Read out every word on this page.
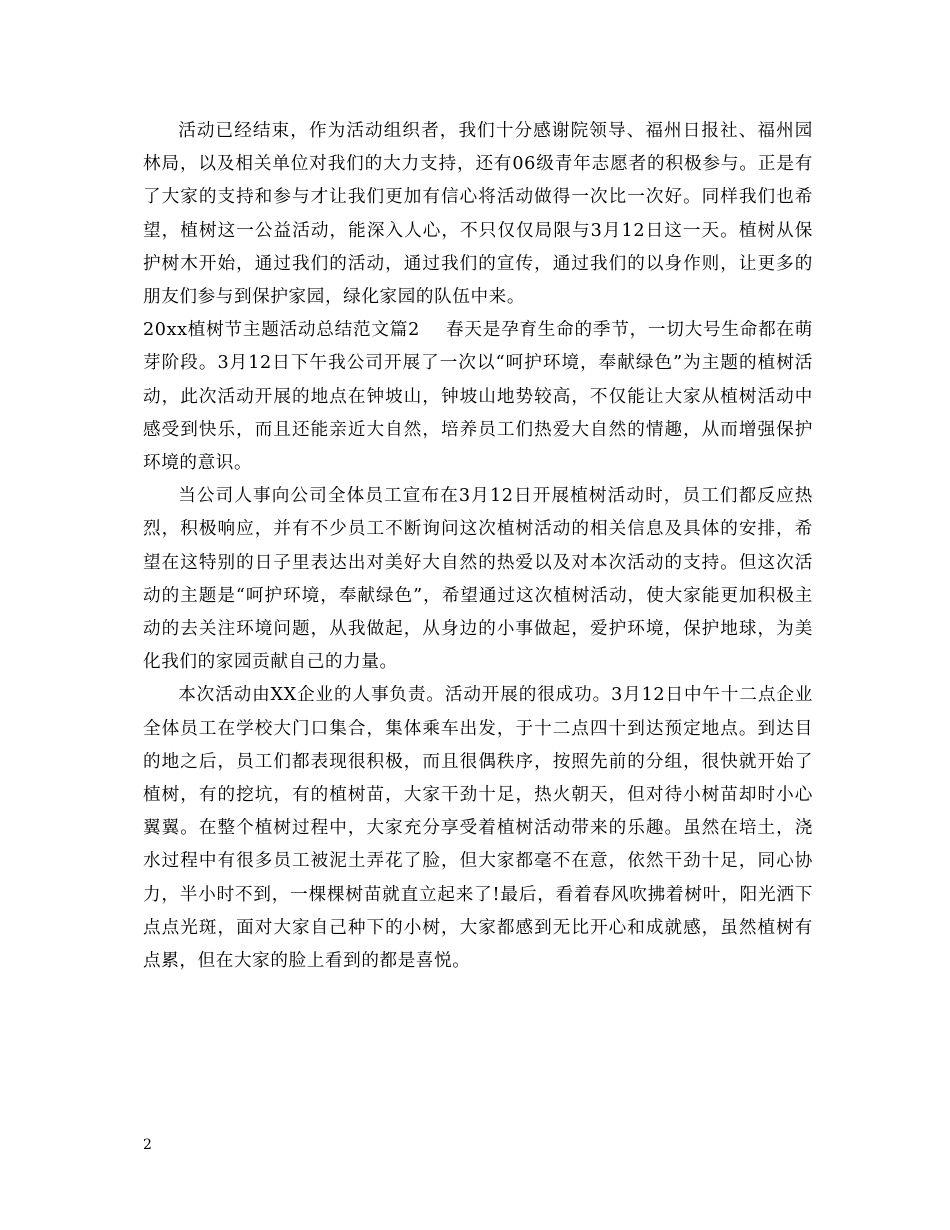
活动已经结束，作为活动组织者，我们十分感谢院领导、福州日报社、福州园林局，以及相关单位对我们的大力支持，还有06级青年志愿者的积极参与。正是有了大家的支持和参与才让我们更加有信心将活动做得一次比一次好。同样我们也希望，植树这一公益活动，能深入人心，不只仅仅局限与3月12日这一天。植树从保护树木开始，通过我们的活动，通过我们的宣传，通过我们的以身作则，让更多的朋友们参与到保护家园，绿化家园的队伍中来。

20xx植树节主题活动总结范文篇2 春天是孕育生命的季节，一切大号生命都在萌芽阶段。3月12日下午我公司开展了一次以“呵护环境，奉献绿色”为主题的植树活动，此次活动开展的地点在钟坡山，钟坡山地势较高，不仅能让大家从植树活动中感受到快乐，而且还能亲近大自然，培养员工们热爱大自然的情趣，从而增强保护环境的意识。

当公司人事向公司全体员工宣布在3月12日开展植树活动时，员工们都反应热烈，积极响应，并有不少员工不断询问这次植树活动的相关信息及具体的安排，希望在这特别的日子里表达出对美好大自然的热爱以及对本次活动的支持。但这次活动的主题是“呵护环境，奉献绿色”，希望通过这次植树活动，使大家能更加积极主动的去关注环境问题，从我做起，从身边的小事做起，爱护环境，保护地球，为美化我们的家园贡献自己的力量。

本次活动由XX企业的人事负责。活动开展的很成功。3月12日中午十二点企业全体员工在学校大门口集合，集体乘车出发，于十二点四十到达预定地点。到达目的地之后，员工们都表现很积极，而且很偶秩序，按照先前的分组，很快就开始了植树，有的挖坑，有的植树苗，大家干劲十足，热火朝天，但对待小树苗却时小心翼翼。在整个植树过程中，大家充分享受着植树活动带来的乐趣。虽然在培土，浇水过程中有很多员工被泥土弄花了脸，但大家都毫不在意，依然干劲十足，同心协力，半小时不到，一棵棵树苗就直立起来了!最后，看着春风吹拂着树叶，阳光洒下点点光斑，面对大家自己种下的小树，大家都感到无比开心和成就感，虽然植树有点累，但在大家的脸上看到的都是喜悦。

2
